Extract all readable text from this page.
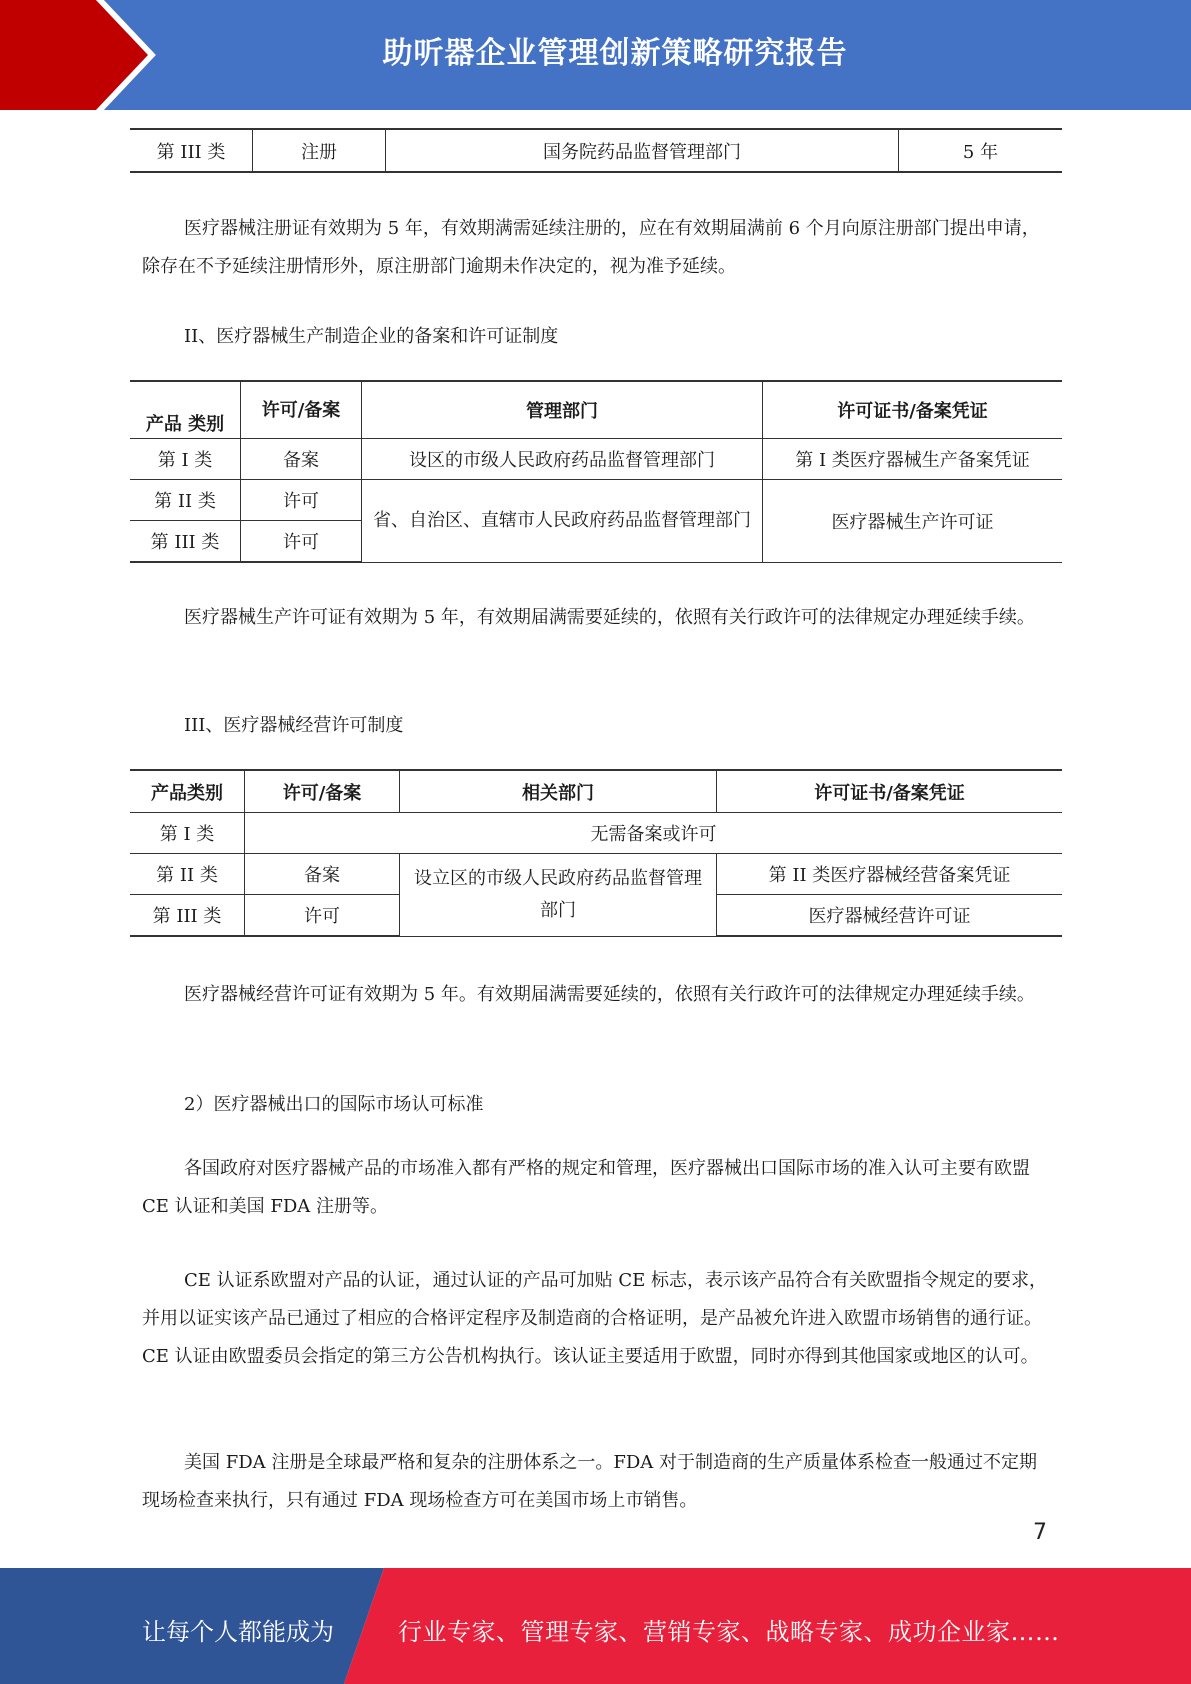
助听器企业管理创新策略研究报告
第 III 类	注册	国务院药品监督管理部门	5 年

医疗器械注册证有效期为 5 年，有效期满需延续注册的，应在有效期届满前 6 个月向原注册部门提出申请，除存在不予延续注册情形外，原注册部门逾期未作决定的，视为准予延续。

II、医疗器械生产制造企业的备案和许可证制度

产品 类别	许可/备案	管理部门	许可证书/备案凭证
第 I 类	备案	设区的市级人民政府药品监督管理部门	第 I 类医疗器械生产备案凭证
第 II 类	许可	省、自治区、直辖市人民政府药品监督管理部门	医疗器械生产许可证
第 III 类	许可		

医疗器械生产许可证有效期为 5 年，有效期届满需要延续的，依照有关行政许可的法律规定办理延续手续。

III、医疗器械经营许可制度

产品类别	许可/备案	相关部门	许可证书/备案凭证
第 I 类	无需备案或许可		
第 II 类	备案	设立区的市级人民政府药品监督管理部门	第 II 类医疗器械经营备案凭证
第 III 类	许可		医疗器械经营许可证

医疗器械经营许可证有效期为 5 年。有效期届满需要延续的，依照有关行政许可的法律规定办理延续手续。

2）医疗器械出口的国际市场认可标准

各国政府对医疗器械产品的市场准入都有严格的规定和管理，医疗器械出口国际市场的准入认可主要有欧盟 CE 认证和美国 FDA 注册等。

CE 认证系欧盟对产品的认证，通过认证的产品可加贴 CE 标志，表示该产品符合有关欧盟指令规定的要求，并用以证实该产品已通过了相应的合格评定程序及制造商的合格证明，是产品被允许进入欧盟市场销售的通行证。CE 认证由欧盟委员会指定的第三方公告机构执行。该认证主要适用于欧盟，同时亦得到其他国家或地区的认可。

美国 FDA 注册是全球最严格和复杂的注册体系之一。FDA 对于制造商的生产质量体系检查一般通过不定期现场检查来执行，只有通过 FDA 现场检查方可在美国市场上市销售。

7
让每个人都能成为	行业专家、管理专家、营销专家、战略专家、成功企业家……
